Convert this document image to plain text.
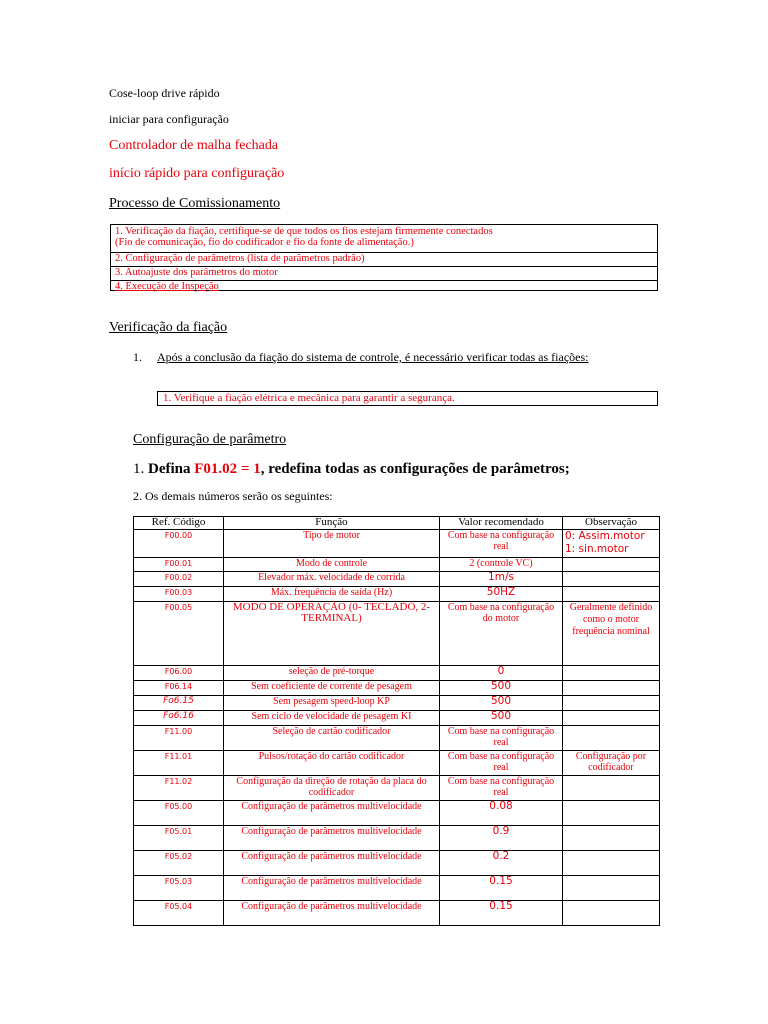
Cose-loop drive rápido
iniciar para configuração
Controlador de malha fechada
início rápido para configuração
Processo de Comissionamento
1. Verificação da fiação, certifique-se de que todos os fios estejam firmemente conectados
(Fio de comunicação, fio do codificador e fio da fonte de alimentação.)
2. Configuração de parâmetros (lista de parâmetros padrão)
3. Autoajuste dos parâmetros do motor
4. Execução de Inspeção
Verificação da fiação
1. Após a conclusão da fiação do sistema de controle, é necessário verificar todas as fiações:
1. Verifique a fiação elétrica e mecânica para garantir a segurança.
Configuração de parâmetro
1. Defina F01.02 = 1, redefina todas as configurações de parâmetros;
2. Os demais números serão os seguintes:
Ref. Código	Função	Valor recomendado	Observação
F00.00	Tipo de motor	Com base na configuração real	0: Assim.motor
1: sin.motor
F00.01	Modo de controle	2 (controle VC)	
F00.02	Elevador máx. velocidade de corrida	1m/s	
F00.03	Máx. frequência de saída (Hz)	50HZ	
F00.05	MODO DE OPERAÇÃO (0- TECLADO, 2-TERMINAL)	Com base na configuração do motor	Geralmente definido como o motor frequência nominal
F06.00	seleção de pré-torque	0	
F06.14	Sem coeficiente de corrente de pesagem	500	
Fo6.15	Sem pesagem speed-loop KP	500	
Fo6.16	Sem ciclo de velocidade de pesagem KI	500	
F11.00	Seleção de cartão codificador	Com base na configuração real	
F11.01	Pulsos/rotação do cartão codificador	Com base na configuração real	Configuração por codificador
F11.02	Configuração da direção de rotação da placa do codificador	Com base na configuração real	
F05.00	Configuração de parâmetros multivelocidade	0.08	
F05.01	Configuração de parâmetros multivelocidade	0.9	
F05.02	Configuração de parâmetros multivelocidade	0.2	
F05.03	Configuração de parâmetros multivelocidade	0.15	
F05.04	Configuração de parâmetros multivelocidade	0.15	
